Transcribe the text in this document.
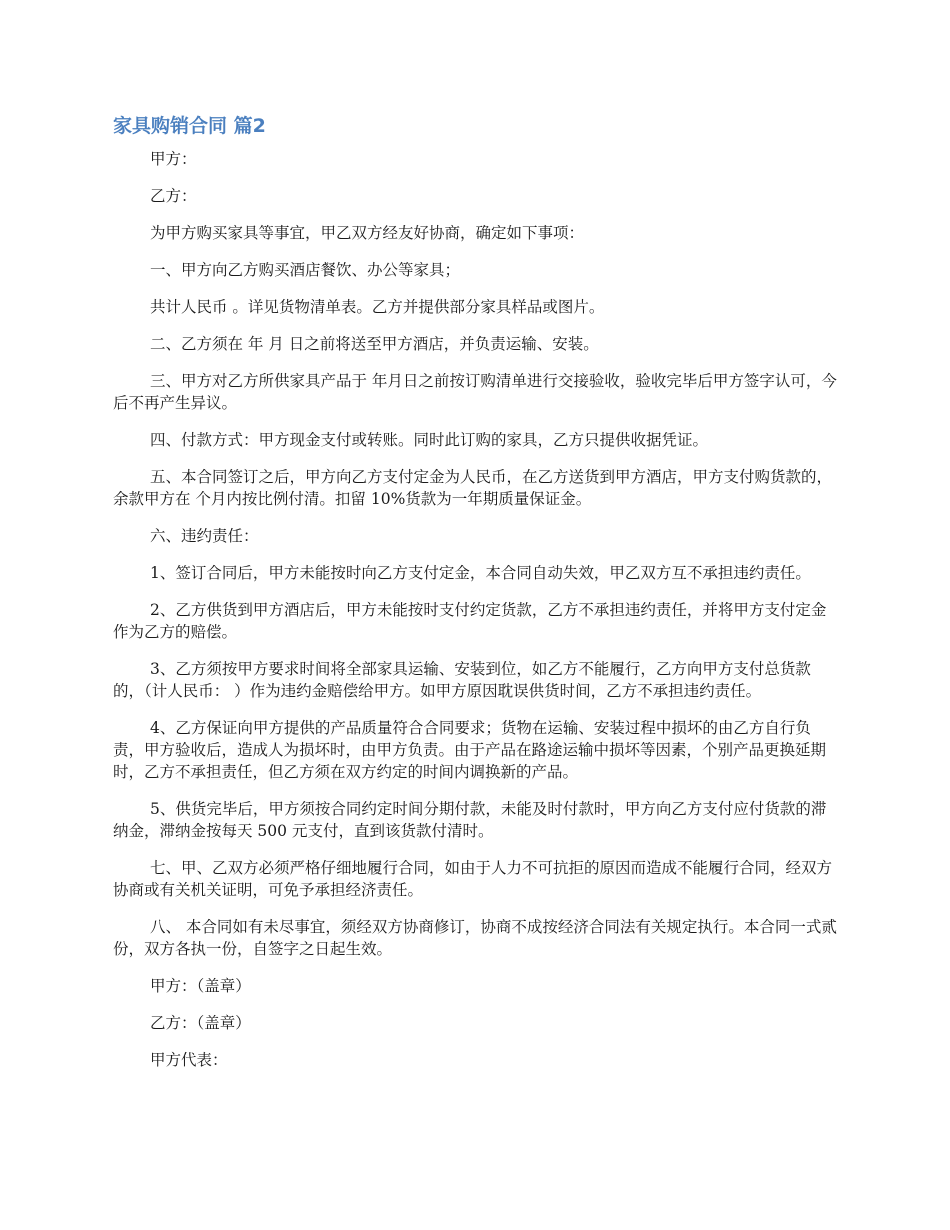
家具购销合同 篇2
甲方：
乙方：
为甲方购买家具等事宜，甲乙双方经友好协商，确定如下事项：
一、甲方向乙方购买酒店餐饮、办公等家具；
共计人民币 。详见货物清单表。乙方并提供部分家具样品或图片。
二、乙方须在 年 月 日之前将送至甲方酒店，并负责运输、安装。
三、甲方对乙方所供家具产品于 年月日之前按订购清单进行交接验收，验收完毕后甲方签字认可，今后不再产生异议。
四、付款方式：甲方现金支付或转账。同时此订购的家具，乙方只提供收据凭证。
五、本合同签订之后，甲方向乙方支付定金为人民币，在乙方送货到甲方酒店，甲方支付购货款的，余款甲方在 个月内按比例付清。扣留 10%货款为一年期质量保证金。
六、违约责任：
1、签订合同后，甲方未能按时向乙方支付定金，本合同自动失效，甲乙双方互不承担违约责任。
2、乙方供货到甲方酒店后，甲方未能按时支付约定货款，乙方不承担违约责任，并将甲方支付定金作为乙方的赔偿。
3、乙方须按甲方要求时间将全部家具运输、安装到位，如乙方不能履行，乙方向甲方支付总货款的，（计人民币： ）作为违约金赔偿给甲方。如甲方原因耽误供货时间，乙方不承担违约责任。
4、乙方保证向甲方提供的产品质量符合合同要求；货物在运输、安装过程中损坏的由乙方自行负责，甲方验收后，造成人为损坏时，由甲方负责。由于产品在路途运输中损坏等因素，个别产品更换延期时，乙方不承担责任，但乙方须在双方约定的时间内调换新的产品。
5、供货完毕后，甲方须按合同约定时间分期付款，未能及时付款时，甲方向乙方支付应付货款的滞纳金，滞纳金按每天 500 元支付，直到该货款付清时。
七、甲、乙双方必须严格仔细地履行合同，如由于人力不可抗拒的原因而造成不能履行合同，经双方协商或有关机关证明，可免予承担经济责任。
八、 本合同如有未尽事宜，须经双方协商修订，协商不成按经济合同法有关规定执行。本合同一式贰份，双方各执一份，自签字之日起生效。
甲方：（盖章）
乙方：（盖章）
甲方代表：
